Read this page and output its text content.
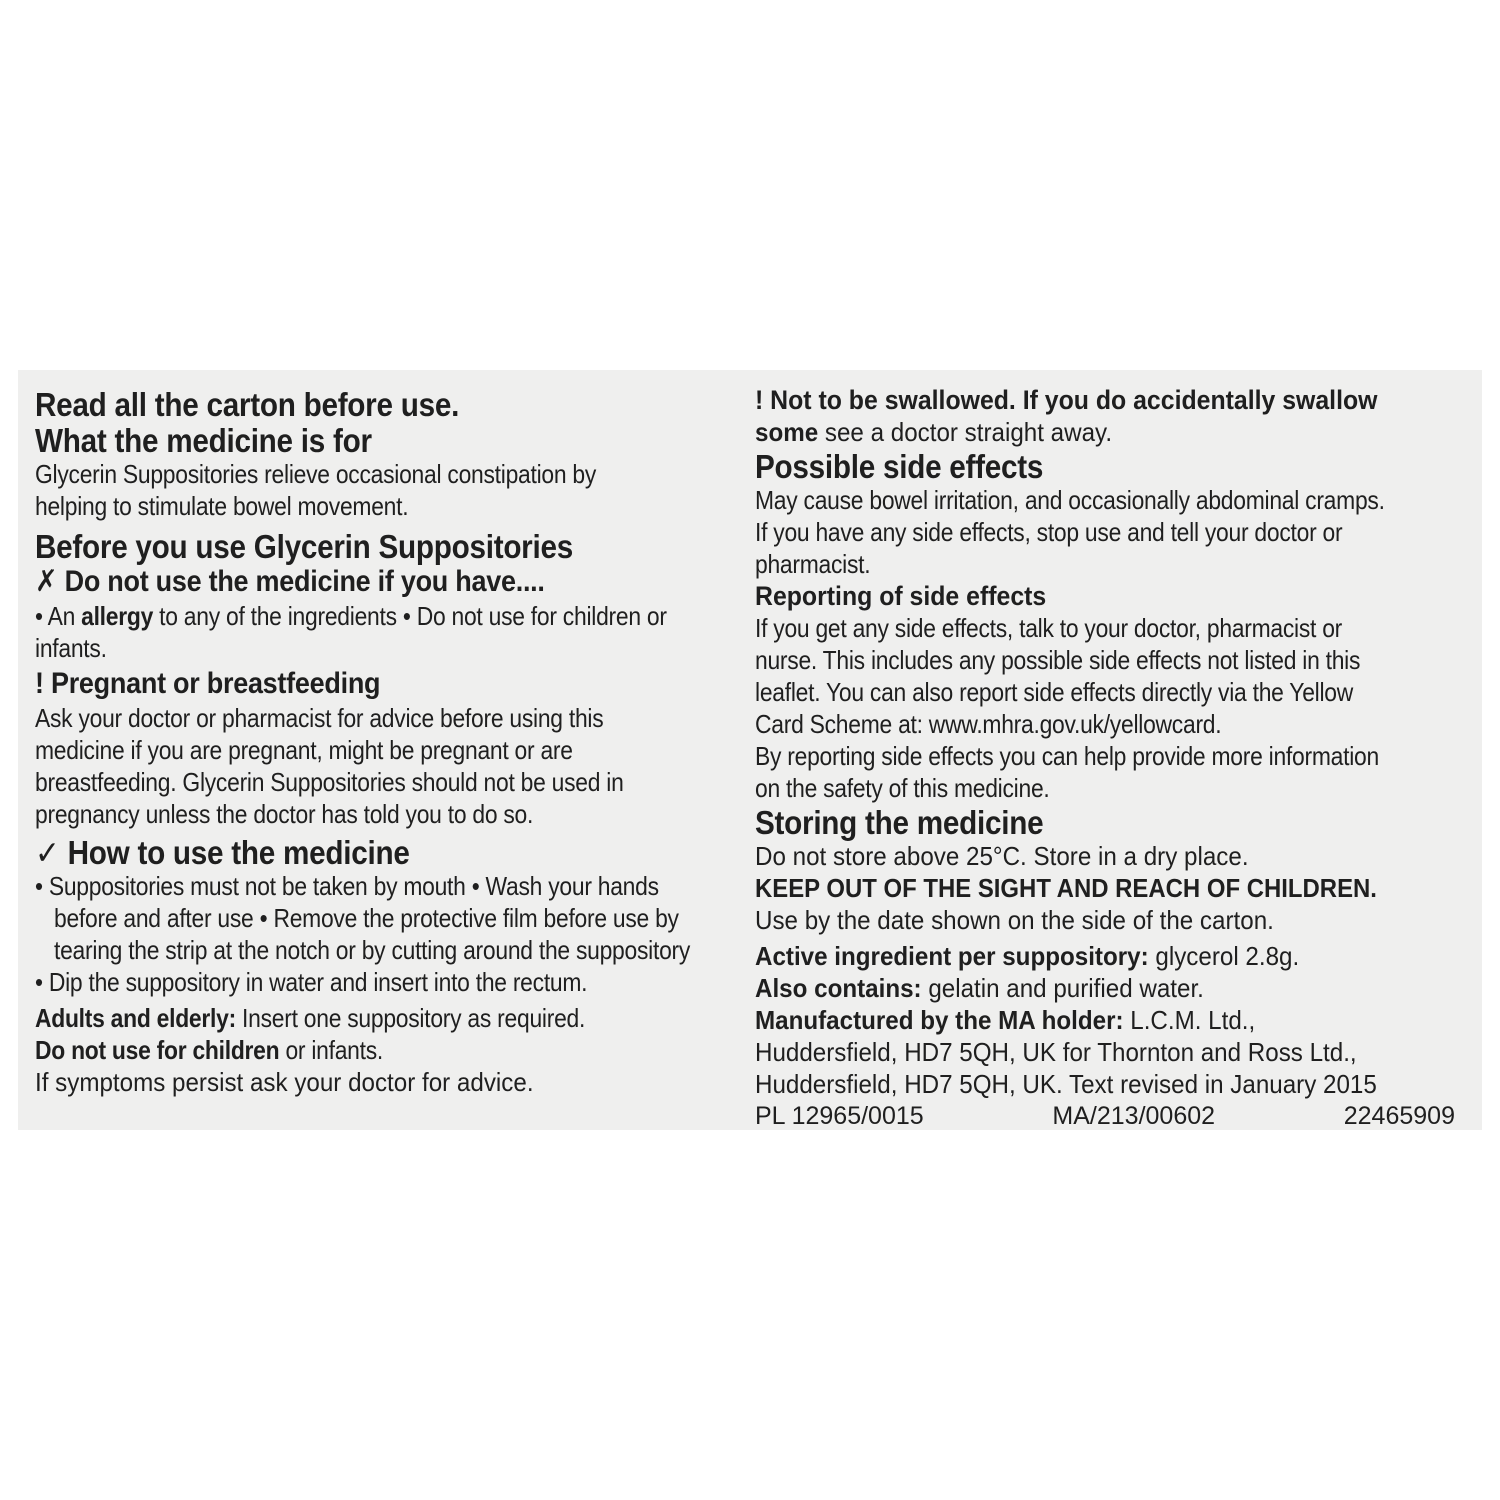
Read all the carton before use.
What the medicine is for
Glycerin Suppositories relieve occasional constipation by
helping to stimulate bowel movement.
Before you use Glycerin Suppositories
✗ Do not use the medicine if you have....
• An allergy to any of the ingredients • Do not use for children or
infants.
! Pregnant or breastfeeding
Ask your doctor or pharmacist for advice before using this
medicine if you are pregnant, might be pregnant or are
breastfeeding. Glycerin Suppositories should not be used in
pregnancy unless the doctor has told you to do so.
✓ How to use the medicine
• Suppositories must not be taken by mouth • Wash your hands
before and after use • Remove the protective film before use by
tearing the strip at the notch or by cutting around the suppository
• Dip the suppository in water and insert into the rectum.
Adults and elderly: Insert one suppository as required.
Do not use for children or infants.
If symptoms persist ask your doctor for advice.
! Not to be swallowed. If you do accidentally swallow
some see a doctor straight away.
Possible side effects
May cause bowel irritation, and occasionally abdominal cramps.
If you have any side effects, stop use and tell your doctor or
pharmacist.
Reporting of side effects
If you get any side effects, talk to your doctor, pharmacist or
nurse. This includes any possible side effects not listed in this
leaflet. You can also report side effects directly via the Yellow
Card Scheme at: www.mhra.gov.uk/yellowcard.
By reporting side effects you can help provide more information
on the safety of this medicine.
Storing the medicine
Do not store above 25°C. Store in a dry place.
KEEP OUT OF THE SIGHT AND REACH OF CHILDREN.
Use by the date shown on the side of the carton.
Active ingredient per suppository: glycerol 2.8g.
Also contains: gelatin and purified water.
Manufactured by the MA holder: L.C.M. Ltd.,
Huddersfield, HD7 5QH, UK for Thornton and Ross Ltd.,
Huddersfield, HD7 5QH, UK. Text revised in January 2015
PL 12965/0015	MA/213/00602	22465909
